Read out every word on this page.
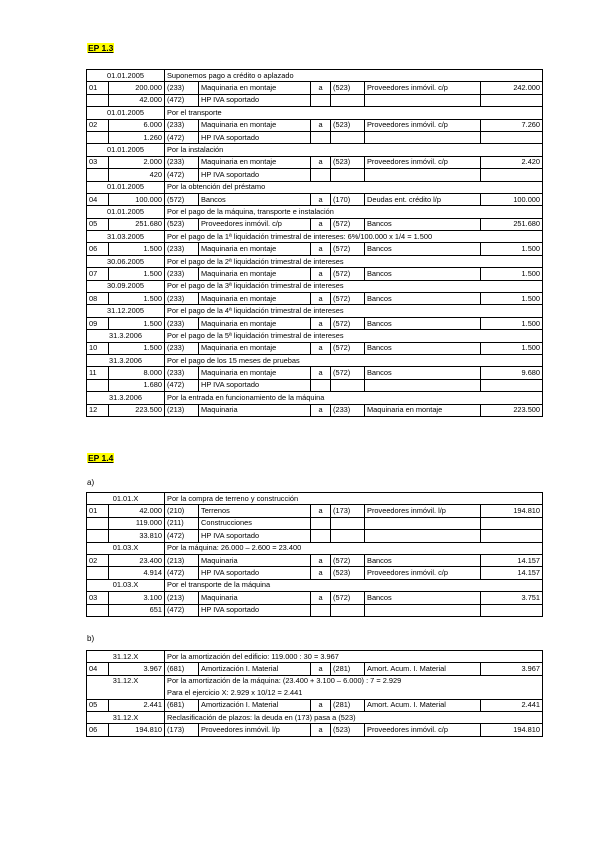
EP 1.3
01.01.2005		Suponemos pago a crédito o aplazado					
01	200.000	(233)	Maquinaria en montaje	a	(523)	Proveedores inmóvil. c/p	242.000
	42.000	(472)	HP IVA soportado				
01.01.2005		Por el transporte					
02	6.000	(233)	Maquinaria en montaje	a	(523)	Proveedores inmóvil. c/p	7.260
	1.260	(472)	HP IVA soportado				
01.01.2005		Por la instalación					
03	2.000	(233)	Maquinaria en montaje	a	(523)	Proveedores inmóvil. c/p	2.420
	420	(472)	HP IVA soportado				
01.01.2005		Por la obtención del préstamo					
04	100.000	(572)	Bancos	a	(170)	Deudas ent. crédito l/p	100.000
01.01.2005		Por el pago de la máquina, transporte e instalación					
05	251.680	(523)	Proveedores inmóvil. c/p	a	(572)	Bancos	251.680
31.03.2005		Por el pago de la 1ª liquidación trimestral de intereses: 6%/100.000 x 1/4 = 1.500					
06	1.500	(233)	Maquinaria en montaje	a	(572)	Bancos	1.500
30.06.2005		Por el pago de la 2ª liquidación trimestral de intereses					
07	1.500	(233)	Maquinaria en montaje	a	(572)	Bancos	1.500
30.09.2005		Por el pago de la 3ª liquidación trimestral de intereses					
08	1.500	(233)	Maquinaria en montaje	a	(572)	Bancos	1.500
31.12.2005		Por el pago de la 4ª liquidación trimestral de intereses					
09	1.500	(233)	Maquinaria en montaje	a	(572)	Bancos	1.500
31.3.2006		Por el pago de la 5ª liquidación trimestral de intereses					
10	1.500	(233)	Maquinaria en montaje	a	(572)	Bancos	1.500
31.3.2006		Por el pago de los 15 meses de pruebas					
11	8.000	(233)	Maquinaria en montaje	a	(572)	Bancos	9.680
	1.680	(472)	HP IVA soportado				
31.3.2006		Por la entrada en funcionamiento de la máquina					
12	223.500	(213)	Maquinaria	a	(233)	Maquinaria en montaje	223.500
EP 1.4
a)
01.01.X		Por la compra de terreno y construcción					
01	42.000	(210)	Terrenos	a	(173)	Proveedores inmóvil. l/p	194.810
	119.000	(211)	Construcciones				
	33.810	(472)	HP IVA soportado				
01.03.X		Por la máquina: 26.000 – 2.600 = 23.400					
02	23.400	(213)	Maquinaria	a	(572)	Bancos	14.157
	4.914	(472)	HP IVA soportado	a	(523)	Proveedores inmóvil. c/p	14.157
01.03.X		Por el transporte de la máquina					
03	3.100	(213)	Maquinaria	a	(572)	Bancos	3.751
	651	(472)	HP IVA soportado				
b)
31.12.X		Por la amortización del edificio: 119.000 : 30 = 3.967					
04	3.967	(681)	Amortización I. Material	a	(281)	Amort. Acum. I. Material	3.967
31.12.X		Por la amortización de la máquina: (23.400 + 3.100 – 6.000) : 7 = 2.929					
		Para el ejercicio X: 2.929 x 10/12 = 2.441					
05	2.441	(681)	Amortización I. Material	a	(281)	Amort. Acum. I. Material	2.441
31.12.X		Reclasificación de plazos: la deuda en (173) pasa a (523)					
06	194.810	(173)	Proveedores inmóvil. l/p	a	(523)	Proveedores inmóvil. c/p	194.810
